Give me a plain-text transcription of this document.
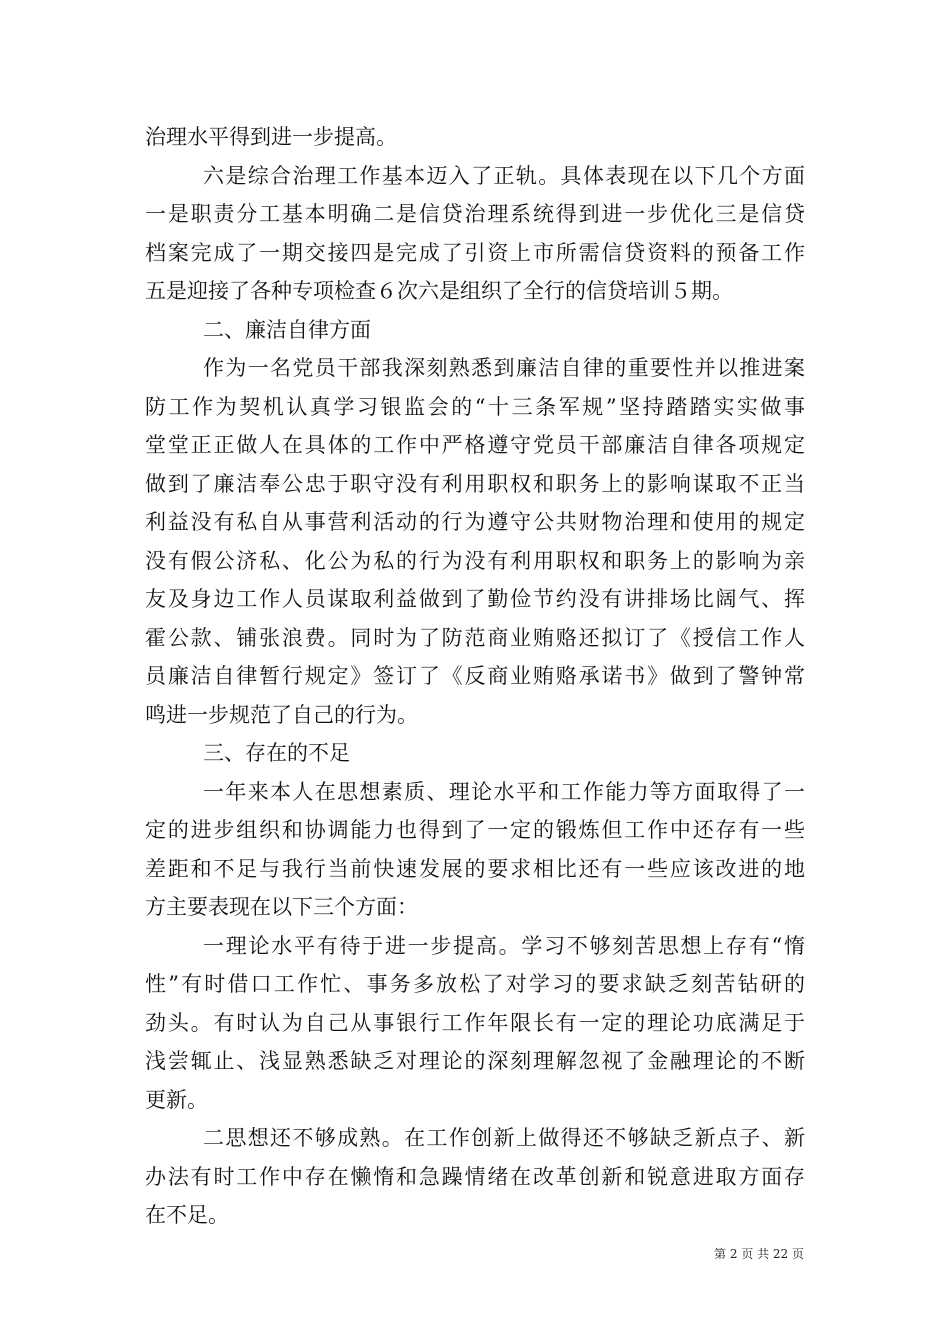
治理水平得到进一步提高。
六是综合治理工作基本迈入了正轨。具体表现在以下几个方面
一是职责分工基本明确二是信贷治理系统得到进一步优化三是信贷
档案完成了一期交接四是完成了引资上市所需信贷资料的预备工作
五是迎接了各种专项检查６次六是组织了全行的信贷培训５期。
二、廉洁自律方面
作为一名党员干部我深刻熟悉到廉洁自律的重要性并以推进案
防工作为契机认真学习银监会的“十三条军规”坚持踏踏实实做事
堂堂正正做人在具体的工作中严格遵守党员干部廉洁自律各项规定
做到了廉洁奉公忠于职守没有利用职权和职务上的影响谋取不正当
利益没有私自从事营利活动的行为遵守公共财物治理和使用的规定
没有假公济私、化公为私的行为没有利用职权和职务上的影响为亲
友及身边工作人员谋取利益做到了勤俭节约没有讲排场比阔气、挥
霍公款、铺张浪费。同时为了防范商业贿赂还拟订了《授信工作人
员廉洁自律暂行规定》签订了《反商业贿赂承诺书》做到了警钟常
鸣进一步规范了自己的行为。
三、存在的不足
一年来本人在思想素质、理论水平和工作能力等方面取得了一
定的进步组织和协调能力也得到了一定的锻炼但工作中还存有一些
差距和不足与我行当前快速发展的要求相比还有一些应该改进的地
方主要表现在以下三个方面：
一理论水平有待于进一步提高。学习不够刻苦思想上存有“惰
性”有时借口工作忙、事务多放松了对学习的要求缺乏刻苦钻研的
劲头。有时认为自己从事银行工作年限长有一定的理论功底满足于
浅尝辄止、浅显熟悉缺乏对理论的深刻理解忽视了金融理论的不断
更新。
二思想还不够成熟。在工作创新上做得还不够缺乏新点子、新
办法有时工作中存在懒惰和急躁情绪在改革创新和锐意进取方面存
在不足。
第 2 页 共 22 页
